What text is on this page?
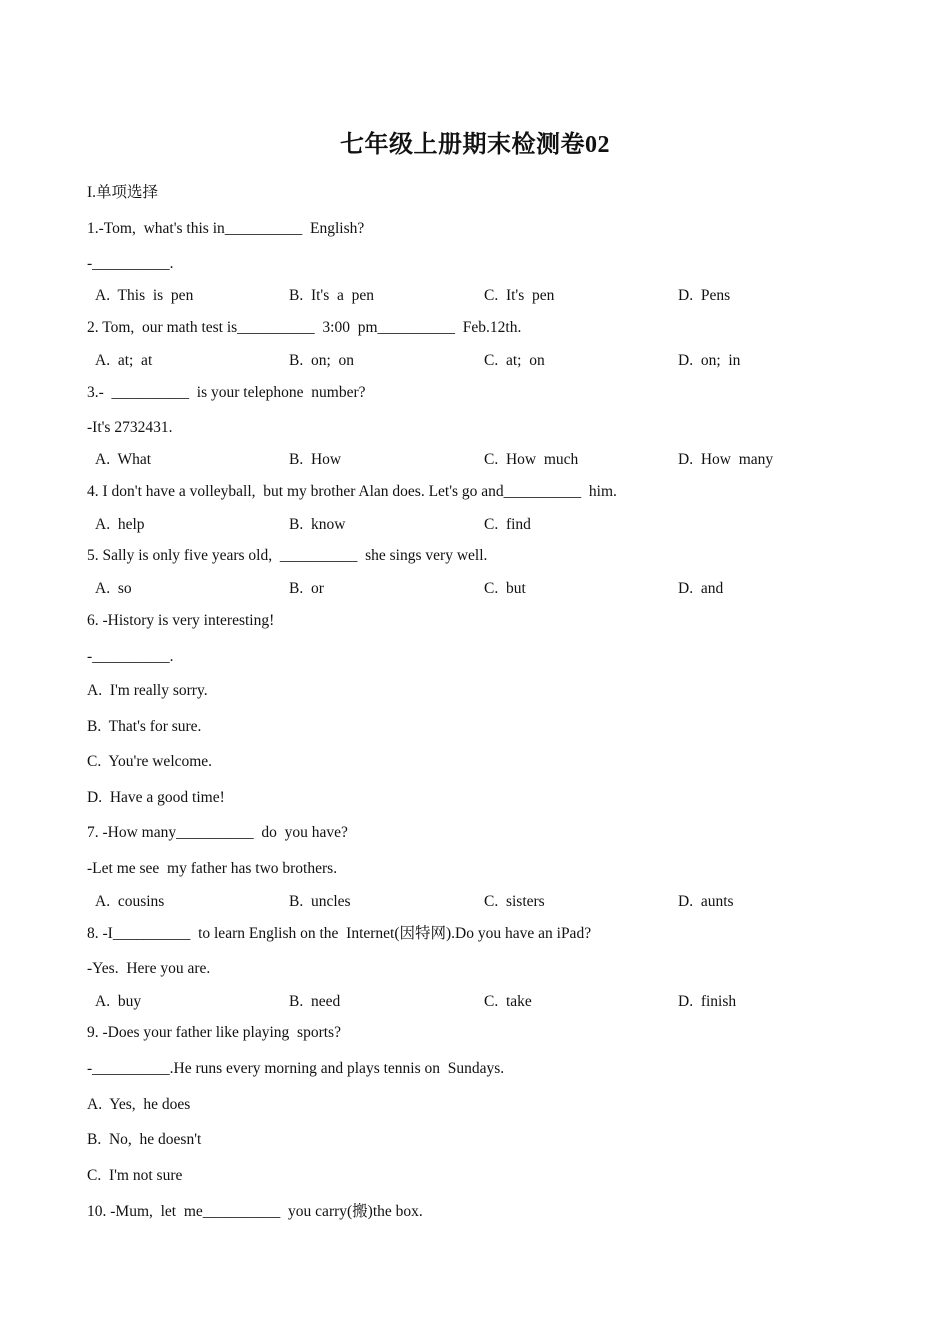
七年级上册期末检测卷02
I.单项选择
1.-Tom,  what's this in__________  English?
-__________.
A.  This  is  pen	B.  It's  a  pen	C.  It's  pen	D.  Pens
2. Tom,  our math test is__________  3:00  pm__________  Feb.12th.
A.  at;  at	B.  on;  on	C.  at;  on	D.  on;  in
3.-  __________  is your telephone  number?
-It's 2732431.
A.  What	B.  How	C.  How  much	D.  How  many
4. I don't have a volleyball,  but my brother Alan does. Let's go and__________  him.
A.  help	B.  know	C.  find
5. Sally is only five years old,  __________  she sings very well.
A.  so	B.  or	C.  but	D.  and
6. -History is very interesting!
-__________.
A.  I'm really sorry.
B.  That's for sure.
C.  You're welcome.
D.  Have a good time!
7. -How many__________  do  you have?
-Let me see  my father has two brothers.
A.  cousins	B.  uncles	C.  sisters	D.  aunts
8. -I__________  to learn English on the  Internet(因特网).Do you have an iPad?
-Yes.  Here you are.
A.  buy	B.  need	C.  take	D.  finish
9. -Does your father like playing  sports?
-__________.He runs every morning and plays tennis on  Sundays.
A.  Yes,  he does
B.  No,  he doesn't
C.  I'm not sure
10. -Mum,  let  me__________  you carry(搬)the box.
